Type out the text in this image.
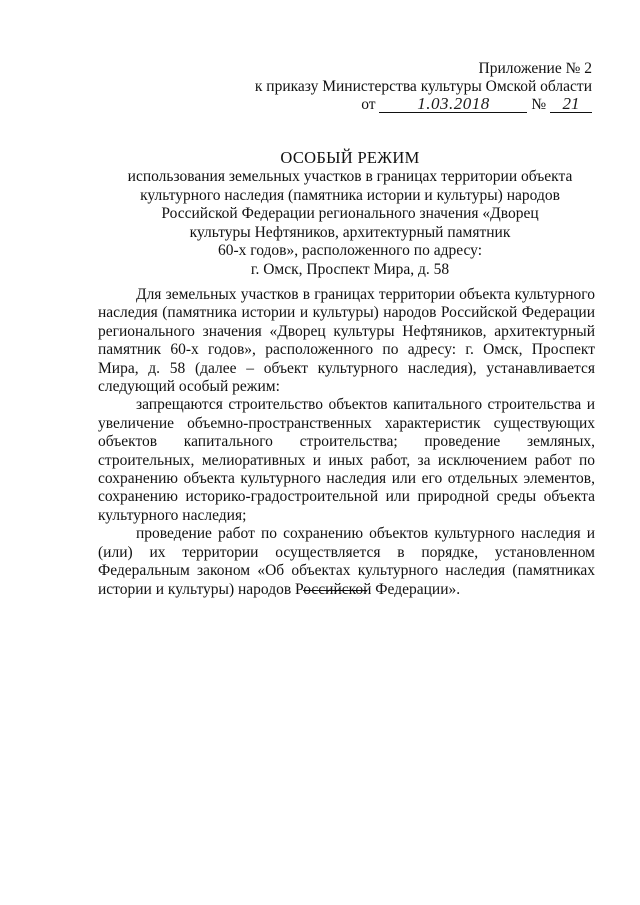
Приложение № 2
к приказу Министерства культуры Омской области
от 1.03.2018	№ 21
ОСОБЫЙ РЕЖИМ
использования земельных участков в границах территории объекта
культурного наследия (памятника истории и культуры) народов
Российской Федерации регионального значения «Дворец
культуры Нефтяников, архитектурный памятник
60-х годов», расположенного по адресу:
г. Омск, Проспект Мира, д. 58

Для земельных участков в границах территории объекта культурного наследия (памятника истории и культуры) народов Российской Федерации регионального значения «Дворец культуры Нефтяников, архитектурный памятник 60-х годов», расположенного по адресу: г. Омск, Проспект Мира, д. 58 (далее – объект культурного наследия), устанавливается следующий особый режим:

запрещаются строительство объектов капитального строительства и увеличение объемно-пространственных характеристик существующих объектов капитального строительства; проведение земляных, строительных, мелиоративных и иных работ, за исключением работ по сохранению объекта культурного наследия или его отдельных элементов, сохранению историко-градостроительной или природной среды объекта культурного наследия;

проведение работ по сохранению объектов культурного наследия и (или) их территории осуществляется в порядке, установленном Федеральным законом «Об объектах культурного наследия (памятниках истории и культуры) народов Российской Федерации».
